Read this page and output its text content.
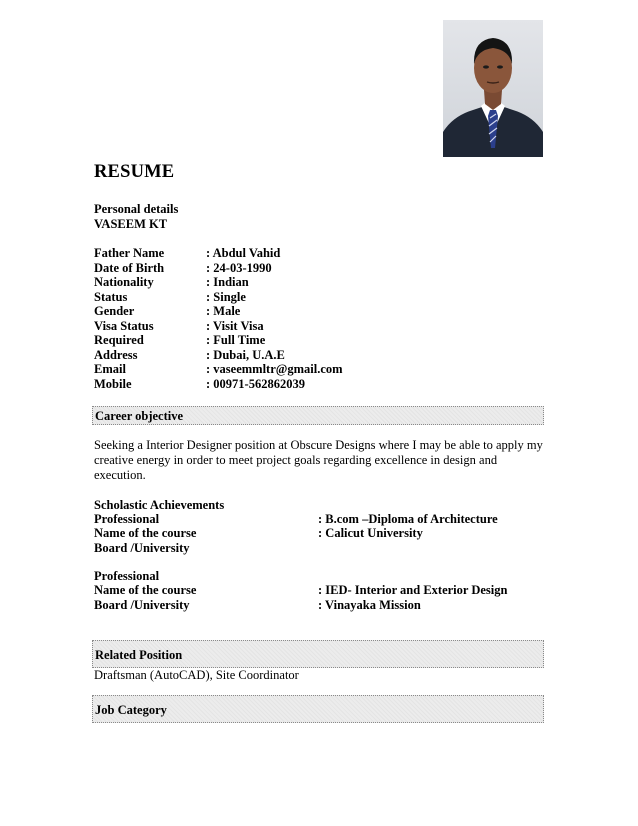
RESUME
Personal details
VASEEM KT
Father Name	: Abdul Vahid
Date of Birth	: 24-03-1990
Nationality	: Indian
Status	: Single
Gender	: Male
Visa Status	: Visit Visa
Required	: Full Time
Address	: Dubai, U.A.E
Email	: vaseemmltr@gmail.com
Mobile	: 00971-562862039
Career objective
Seeking a Interior Designer position at Obscure Designs where I may be able to apply my creative energy in order to meet project goals regarding excellence in design and execution.
Scholastic Achievements
Professional	: B.com –Diploma of Architecture
Name of the course	: Calicut University
Board /University
Professional
Name of the course	: IED- Interior and Exterior Design
Board /University	: Vinayaka Mission
Related Position
Draftsman (AutoCAD), Site Coordinator
Job Category
